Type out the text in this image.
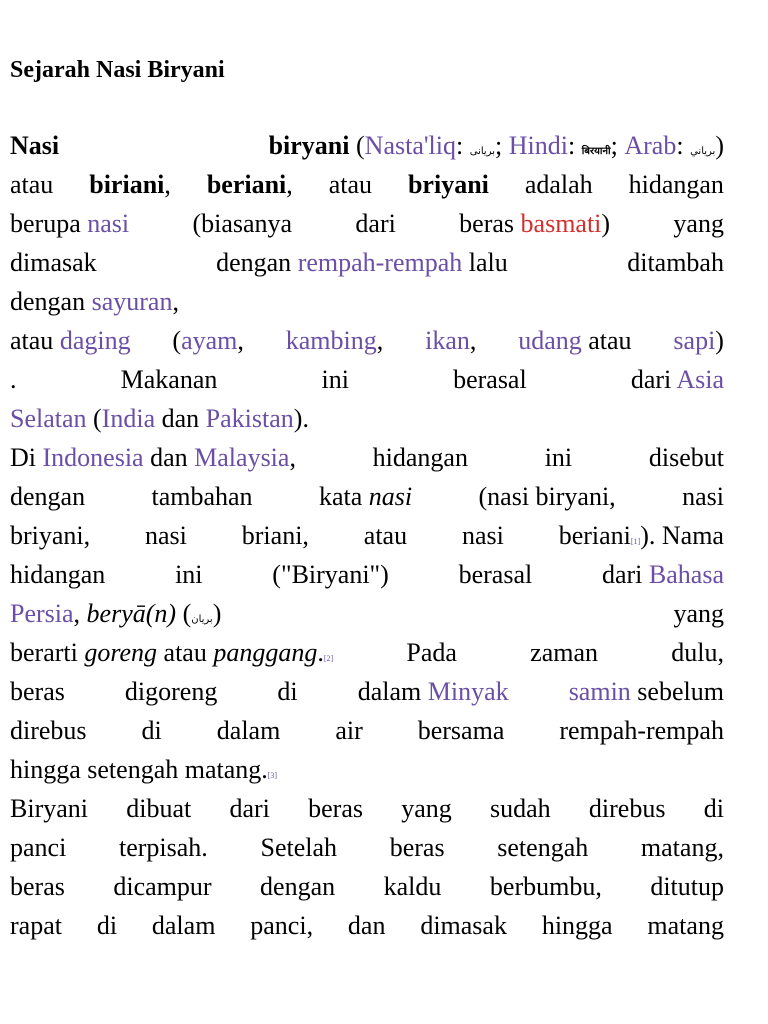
Sejarah Nasi Biryani
Nasi	biryani (Nasta'liq: بریانی; Hindi: बिरयानी; Arab: برياني)
atau biriani, beriani, atau briyani adalah hidangan
berupa nasi (biasanya dari beras basmati) yang
dimasak	dengan rempah-rempah lalu	ditambah
dengan sayuran,
atau daging (ayam, kambing, ikan, udang atau sapi)
.	Makanan	ini	berasal	dari Asia
Selatan (India dan Pakistan).
Di Indonesia dan Malaysia,	hidangan	ini	disebut
dengan	tambahan	kata nasi	(nasi biryani,	nasi
briyani, nasi briani, atau nasi beriani[1]). Nama
hidangan	ini	("Biryani")	berasal	dari Bahasa
Persia, beryā(n) (بریان)	yang
berarti goreng atau panggang.[2]	Pada	zaman	dulu,
beras digoreng di dalam Minyak samin sebelum
direbus di dalam air bersama rempah-rempah
hingga setengah matang.[3]
Biryani dibuat dari beras yang sudah direbus di
panci terpisah. Setelah beras setengah matang,
beras dicampur dengan kaldu berbumbu, ditutup
rapat di dalam panci, dan dimasak hingga matang
